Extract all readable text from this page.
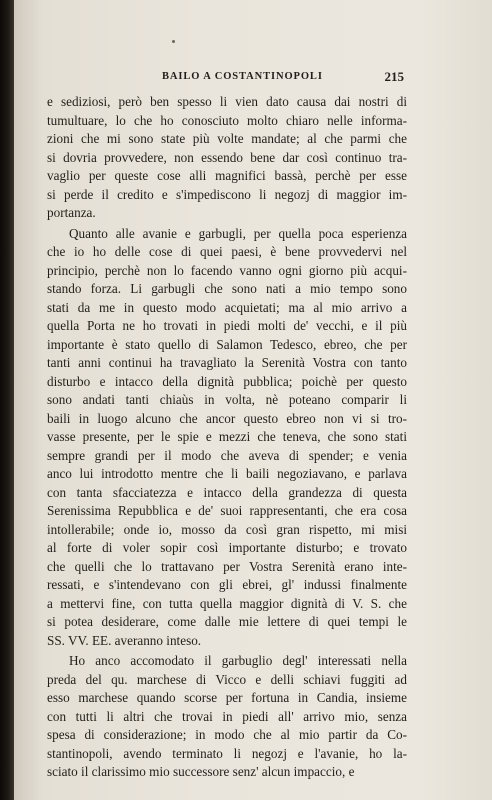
BAILO A COSTANTINOPOLI	215
e sediziosi, però ben spesso li vien dato causa dai nostri di
tumultuare, lo che ho conosciuto molto chiaro nelle informa-
zioni che mi sono state più volte mandate; al che parmi che
si dovria provvedere, non essendo bene dar così continuo tra-
vaglio per queste cose alli magnifici bassà, perchè per esse
si perde il credito e s'impediscono li negozj di maggior im-
portanza.
Quanto alle avanie e garbugli, per quella poca esperienza
che io ho delle cose di quei paesi, è bene provvedervi nel
principio, perchè non lo facendo vanno ogni giorno più acqui-
stando forza. Li garbugli che sono nati a mio tempo sono
stati da me in questo modo acquietati; ma al mio arrivo a
quella Porta ne ho trovati in piedi molti de' vecchi, e il più
importante è stato quello di Salamon Tedesco, ebreo, che per
tanti anni continui ha travagliato la Serenità Vostra con tanto
disturbo e intacco della dignità pubblica; poichè per questo
sono andati tanti chiaùs in volta, nè poteano comparir li
baili in luogo alcuno che ancor questo ebreo non vi si tro-
vasse presente, per le spie e mezzi che teneva, che sono stati
sempre grandi per il modo che aveva di spender; e venia
anco lui introdotto mentre che li baili negoziavano, e parlava
con tanta sfacciatezza e intacco della grandezza di questa
Serenissima Repubblica e de' suoi rappresentanti, che era cosa
intollerabile; onde io, mosso da così gran rispetto, mi misi
al forte di voler sopir così importante disturbo; e trovato
che quelli che lo trattavano per Vostra Serenità erano inte-
ressati, e s'intendevano con gli ebrei, gl' indussi finalmente
a mettervi fine, con tutta quella maggior dignità di V. S. che
si potea desiderare, come dalle mie lettere di quei tempi le
SS. VV. EE. averanno inteso.
Ho anco accomodato il garbuglio degl' interessati nella
preda del qu. marchese di Vicco e delli schiavi fuggiti ad
esso marchese quando scorse per fortuna in Candia, insieme
con tutti li altri che trovai in piedi all' arrivo mio, senza
spesa di considerazione; in modo che al mio partir da Co-
stantinopoli, avendo terminato li negozj e l'avanie, ho la-
sciato il clarissimo mio successore senz' alcun impaccio, e
